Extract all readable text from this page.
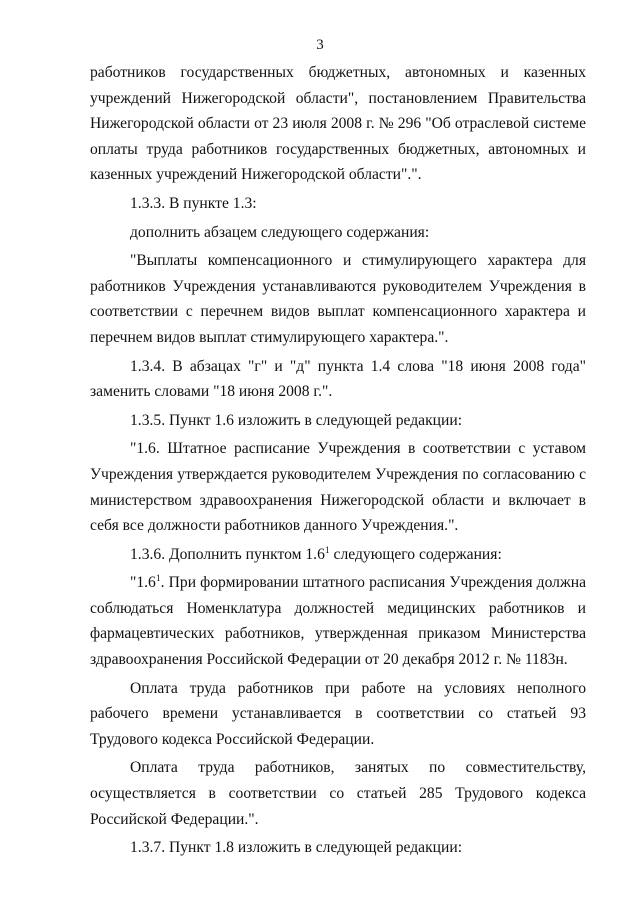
3

работников государственных бюджетных, автономных и казенных учреждений Нижегородской области", постановлением Правительства Нижегородской области от 23 июля 2008 г. № 296 "Об отраслевой системе оплаты труда работников государственных бюджетных, автономных и казенных учреждений Нижегородской области".".

1.3.3. В пункте 1.3:

дополнить абзацем следующего содержания:

"Выплаты компенсационного и стимулирующего характера для работников Учреждения устанавливаются руководителем Учреждения в соответствии с перечнем видов выплат компенсационного характера и перечнем видов выплат стимулирующего характера.".

1.3.4. В абзацах "г" и "д" пункта 1.4 слова "18 июня 2008 года" заменить словами "18 июня 2008 г.".

1.3.5. Пункт 1.6 изложить в следующей редакции:

"1.6. Штатное расписание Учреждения в соответствии с уставом Учреждения утверждается руководителем Учреждения по согласованию с министерством здравоохранения Нижегородской области и включает в себя все должности работников данного Учреждения.".

1.3.6. Дополнить пунктом $1.6^1$ следующего содержания:

"$1.6^1$. При формировании штатного расписания Учреждения должна соблюдаться Номенклатура должностей медицинских работников и фармацевтических работников, утвержденная приказом Министерства здравоохранения Российской Федерации от 20 декабря 2012 г. № 1183н.

Оплата труда работников при работе на условиях неполного рабочего времени устанавливается в соответствии со статьей 93 Трудового кодекса Российской Федерации.

Оплата труда работников, занятых по совместительству, осуществляется в соответствии со статьей 285 Трудового кодекса Российской Федерации.".

1.3.7. Пункт 1.8 изложить в следующей редакции:
